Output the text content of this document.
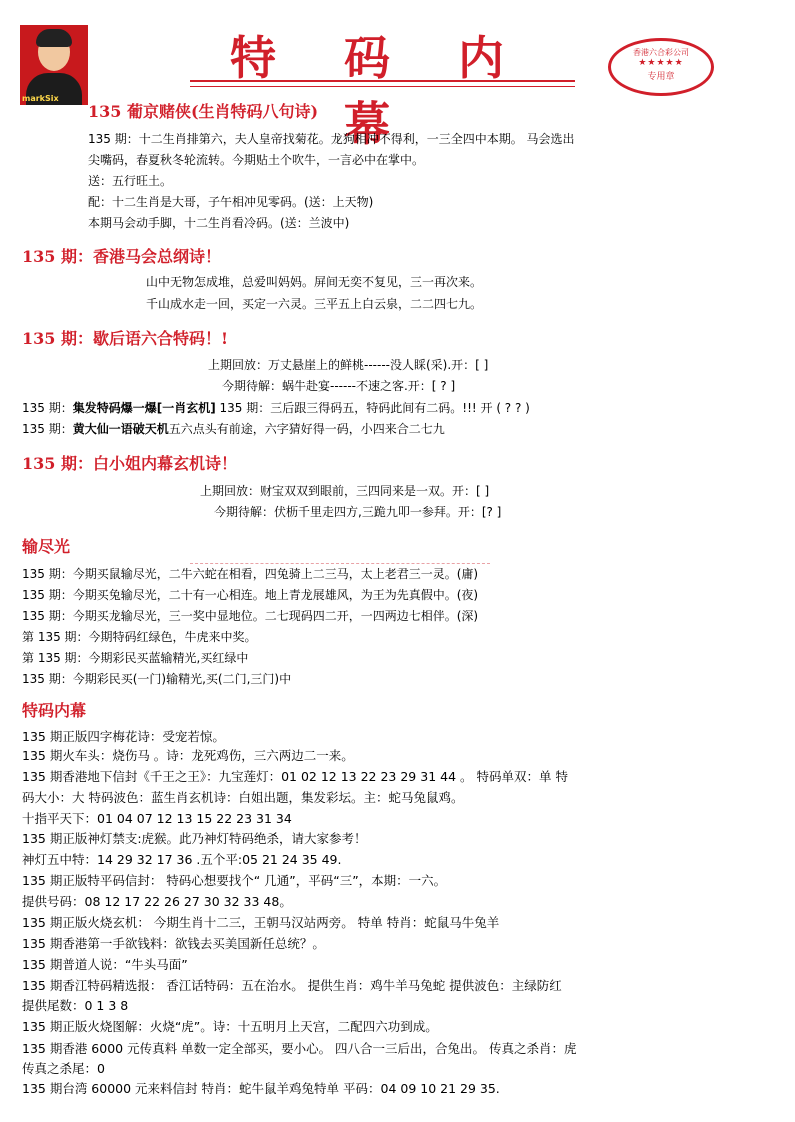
markSix
特 码 内 幕
香港六合彩公司
★★★★★
专用章
135 葡京赌侠(生肖特码八句诗)
135 期：十二生肖排第六，夫人皇帝找菊花。龙狗相冲不得利，一三全四中本期。 马会选出
尖嘴码，春夏秋冬轮流转。今期贴土个吹牛，一言必中在掌中。
送：五行旺土。
配：十二生肖是大哥，子午相冲见零码。(送：上天物)
本期马会动手脚，十二生肖看冷码。(送：兰波中)
135 期：香港马会总纲诗！
山中无物怎成堆，总爱叫妈妈。屏间无奕不复见，三一再次来。
千山成水走一回，买定一六灵。三平五上白云泉，二二四七九。
135 期：歇后语六合特码！!
上期回放：万丈悬崖上的鲜桃------没人睬(采).开：[ ]
今期待解：蜗牛赴宴------不速之客.开：[ ? ]
135 期：集发特码爆一爆[一肖玄机] 135 期：三后跟三得码五，特码此间有二码。!!! 开 ( ? ? )
135 期：黄大仙一语破天机五六点头有前途，六字猜好得一码，小四来合二七九
135 期：白小姐内幕玄机诗！
上期回放：财宝双双到眼前，三四同来是一双。开：[ ]
今期待解：伏枥千里走四方,三跪九叩一参拜。开：[? ]
输尽光
135 期：今期买鼠输尽光，二牛六蛇在相看，四兔骑上二三马，太上老君三一灵。(庸)
135 期：今期买兔输尽光，二十有一心相连。地上青龙展雄风，为王为先真假中。(夜)
135 期：今期买龙输尽光，三一奖中显地位。二七现码四二开，一四两边七相伴。(深)
第 135 期：今期特码红绿色，牛虎来中奖。
第 135 期：今期彩民买蓝输精光,买红绿中
135 期：今期彩民买(一门)输精光,买(二门,三门)中
特码内幕
135 期正版四字梅花诗：受宠若惊。
135 期火车头：烧伤马 。诗：龙死鸡伤，三六两边二一来。
135 期香港地下信封《千王之王》：九宝莲灯：01 02 12 13 22 23 29 31 44 。 特码单双：单 特
码大小：大 特码波色：蓝生肖玄机诗：白姐出题，集发彩坛。主：蛇马兔鼠鸡。
十指平天下：01 04 07 12 13 15 22 23 31 34
135 期正版神灯禁支:虎猴。此乃神灯特码绝杀，请大家参考！
神灯五中特：14 29 32 17 36 .五个平:05 21 24 35 49.
135 期正版特平码信封： 特码心想要找个“ 几通”，平码“三”，本期：一六。
提供号码：08 12 17 22 26 27 30 32 33 48。
135 期正版火烧玄机： 今期生肖十二三，王朝马汉站两旁。 特单 特肖：蛇鼠马牛兔羊
135 期香港第一手欲钱料：欲钱去买美国新任总统？。
135 期普道人说：“牛头马面”
135 期香江特码精选报： 香江话特码：五在治水。 提供生肖：鸡牛羊马兔蛇 提供波色：主绿防红
提供尾数：0 1 3 8
135 期正版火烧图解：火烧“虎”。诗：十五明月上天宫，二配四六功到成。
135 期香港 6000 元传真料 单数一定全部买，要小心。 四八合一三后出，合兔出。 传真之杀肖：虎
传真之杀尾：0
135 期台湾 60000 元来料信封 特肖：蛇牛鼠羊鸡兔特单 平码：04 09 10 21 29 35.
